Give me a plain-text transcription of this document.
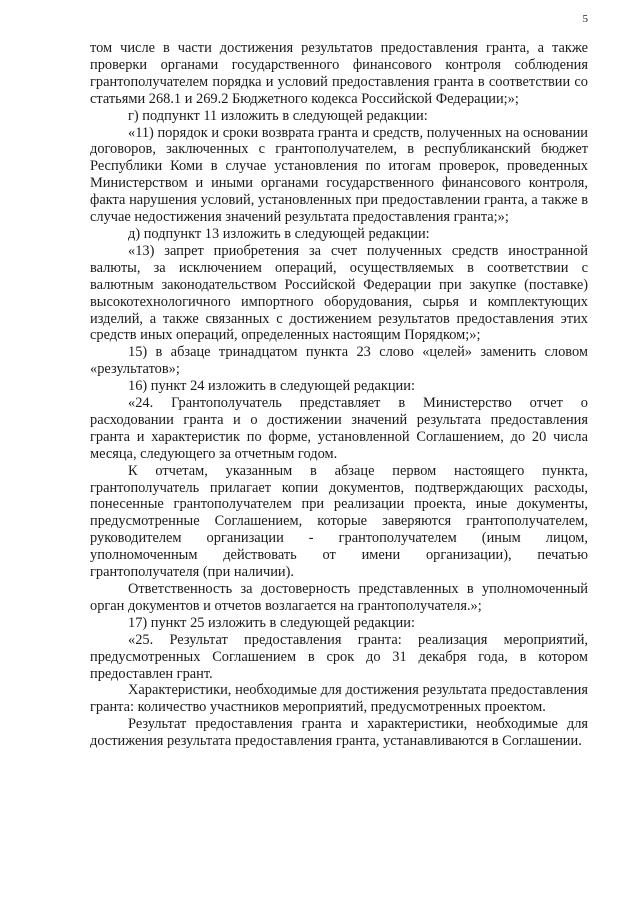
5

том числе в части достижения результатов предоставления гранта, а также проверки органами государственного финансового контроля соблюдения грантополучателем порядка и условий предоставления гранта в соответствии со статьями 268.1 и 269.2 Бюджетного кодекса Российской Федерации;»;

г) подпункт 11 изложить в следующей редакции:

«11) порядок и сроки возврата гранта и средств, полученных на основании договоров, заключенных с грантополучателем, в республиканский бюджет Республики Коми в случае установления по итогам проверок, проведенных Министерством и иными органами государственного финансового контроля, факта нарушения условий, установленных при предоставлении гранта, а также в случае недостижения значений результата предоставления гранта;»;

д) подпункт 13 изложить в следующей редакции:

«13) запрет приобретения за счет полученных средств иностранной валюты, за исключением операций, осуществляемых в соответствии с валютным законодательством Российской Федерации при закупке (поставке) высокотехнологичного импортного оборудования, сырья и комплектующих изделий, а также связанных с достижением результатов предоставления этих средств иных операций, определенных настоящим Порядком;»;

15) в абзаце тринадцатом пункта 23 слово «целей» заменить словом «результатов»;

16) пункт 24 изложить в следующей редакции:

«24. Грантополучатель представляет в Министерство отчет о расходовании гранта и о достижении значений результата предоставления гранта и характеристик по форме, установленной Соглашением, до 20 числа месяца, следующего за отчетным годом.

К отчетам, указанным в абзаце первом настоящего пункта, грантополучатель прилагает копии документов, подтверждающих расходы, понесенные грантополучателем при реализации проекта, иные документы, предусмотренные Соглашением, которые заверяются грантополучателем, руководителем организации - грантополучателем (иным лицом, уполномоченным действовать от имени организации), печатью грантополучателя (при наличии).

Ответственность за достоверность представленных в уполномоченный орган документов и отчетов возлагается на грантополучателя.»;

17) пункт 25 изложить в следующей редакции:

«25. Результат предоставления гранта: реализация мероприятий, предусмотренных Соглашением в срок до 31 декабря года, в котором предоставлен грант.

Характеристики, необходимые для достижения результата предоставления гранта: количество участников мероприятий, предусмотренных проектом.

Результат предоставления гранта и характеристики, необходимые для достижения результата предоставления гранта, устанавливаются в Соглашении.
